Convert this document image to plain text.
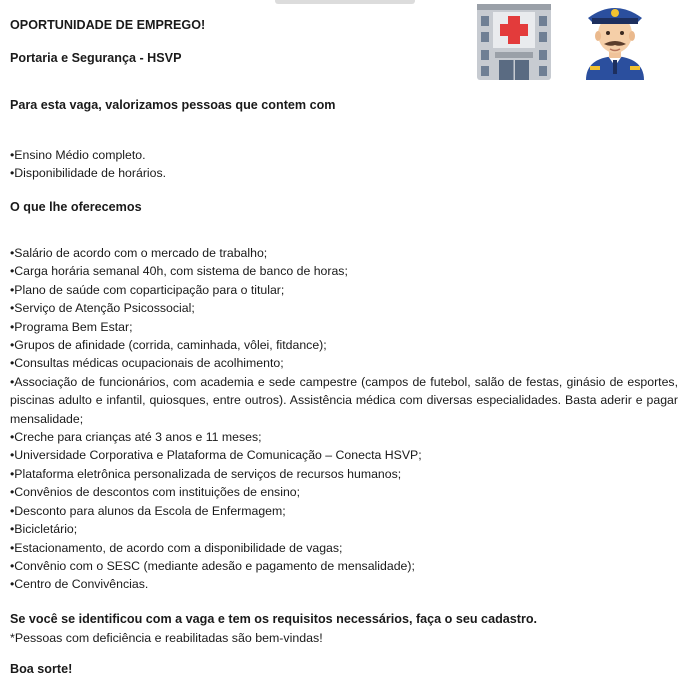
OPORTUNIDADE DE EMPREGO!
Portaria e Segurança - HSVP
Para esta vaga, valorizamos pessoas que contem com
•Ensino Médio completo.
•Disponibilidade de horários.
O que lhe oferecemos
•Salário de acordo com o mercado de trabalho;
•Carga horária semanal 40h, com sistema de banco de horas;
•Plano de saúde com coparticipação para o titular;
•Serviço de Atenção Psicossocial;
•Programa Bem Estar;
•Grupos de afinidade (corrida, caminhada, vôlei, fitdance);
•Consultas médicas ocupacionais de acolhimento;
•Associação de funcionários, com academia e sede campestre (campos de futebol, salão de festas, ginásio de esportes, piscinas adulto e infantil, quiosques, entre outros). Assistência médica com diversas especialidades. Basta aderir e pagar mensalidade;
•Creche para crianças até 3 anos e 11 meses;
•Universidade Corporativa e Plataforma de Comunicação – Conecta HSVP;
•Plataforma eletrônica personalizada de serviços de recursos humanos;
•Convênios de descontos com instituições de ensino;
•Desconto para alunos da Escola de Enfermagem;
•Bicicletário;
•Estacionamento, de acordo com a disponibilidade de vagas;
•Convênio com o SESC (mediante adesão e pagamento de mensalidade);
•Centro de Convivências.
Se você se identificou com a vaga e tem os requisitos necessários, faça o seu cadastro.
*Pessoas com deficiência e reabilitadas são bem-vindas!
Boa sorte!
